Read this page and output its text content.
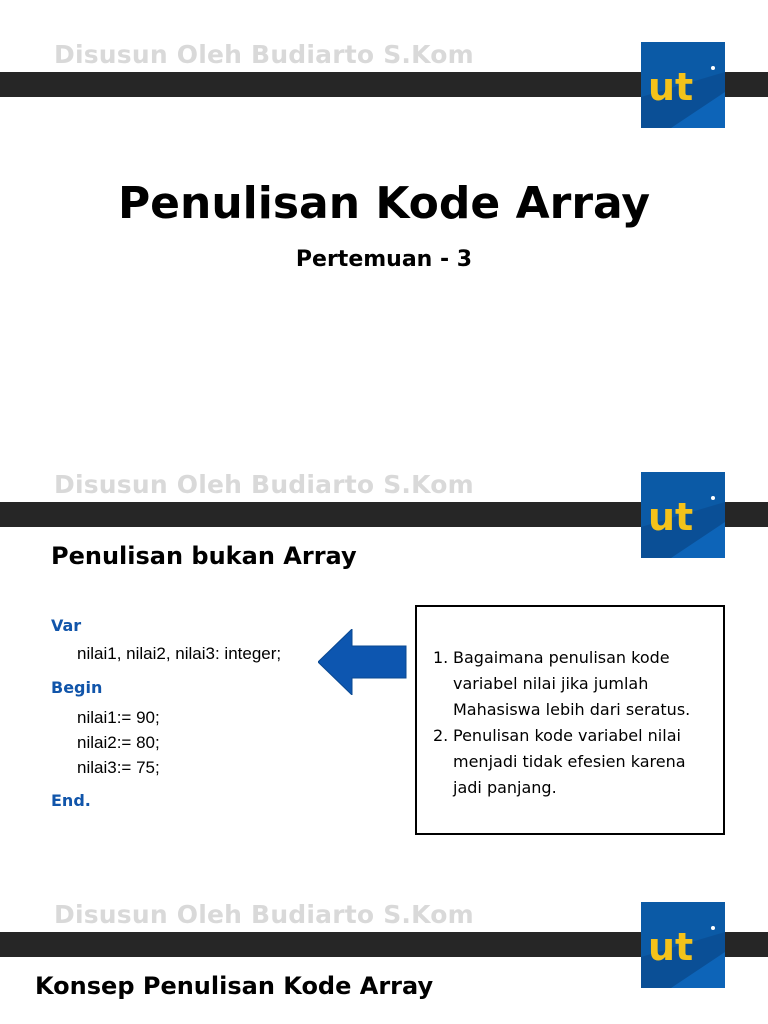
Disusun Oleh Budiarto S.Kom
ut
Penulisan Kode Array
Pertemuan - 3
Disusun Oleh Budiarto S.Kom
ut
Penulisan bukan Array
Var
nilai1, nilai2, nilai3: integer;
Begin
nilai1:= 90;
nilai2:= 80;
nilai3:= 75;
End.
1. Bagaimana penulisan kode variabel nilai jika jumlah Mahasiswa lebih dari seratus.
2. Penulisan kode variabel nilai menjadi tidak efesien karena jadi panjang.
Disusun Oleh Budiarto S.Kom
ut
Konsep Penulisan Kode Array
